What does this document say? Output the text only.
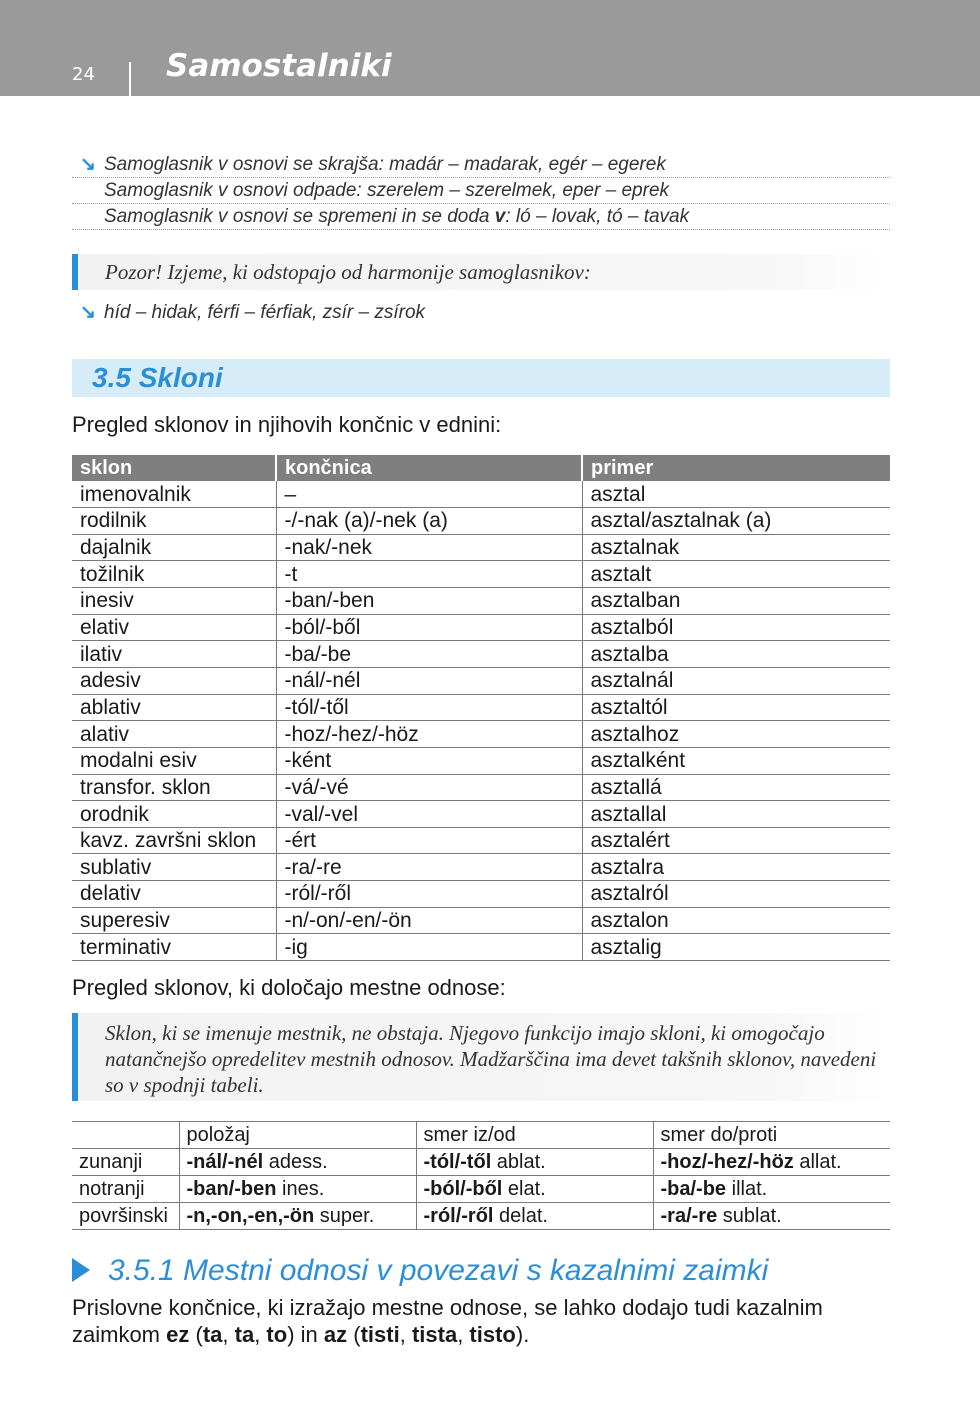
24 Samostalniki
↘ Samoglasnik v osnovi se skrajša: madár – madarak, egér – egerek
Samoglasnik v osnovi odpade: szerelem – szerelmek, eper – eprek
Samoglasnik v osnovi se spremeni in se doda v: ló – lovak, tó – tavak
Pozor! Izjeme, ki odstopajo od harmonije samoglasnikov:
↘ híd – hidak, férfi – férfiak, zsír – zsírok
3.5 Skloni
Pregled sklonov in njihovih končnic v ednini:
sklon	končnica	primer
imenovalnik	–	asztal
rodilnik	-/-nak (a)/-nek (a)	asztal/asztalnak (a)
dajalnik	-nak/-nek	asztalnak
tožilnik	-t	asztalt
inesiv	-ban/-ben	asztalban
elativ	-ból/-ből	asztalból
ilativ	-ba/-be	asztalba
adesiv	-nál/-nél	asztalnál
ablativ	-tól/-től	asztaltól
alativ	-hoz/-hez/-höz	asztalhoz
modalni esiv	-ként	asztalként
transfor. sklon	-vá/-vé	asztallá
orodnik	-val/-vel	asztallal
kavz. završni sklon	-ért	asztalért
sublativ	-ra/-re	asztalra
delativ	-ról/-ről	asztalról
superesiv	-n/-on/-en/-ön	asztalon
terminativ	-ig	asztalig
Pregled sklonov, ki določajo mestne odnose:
Sklon, ki se imenuje mestnik, ne obstaja. Njegovo funkcijo imajo skloni, ki omogočajo natančnejšo opredelitev mestnih odnosov. Madžarščina ima devet takšnih sklonov, navedeni so v spodnji tabeli.
	položaj	smer iz/od	smer do/proti
zunanji	-nál/-nél adess.	-tól/-től ablat.	-hoz/-hez/-höz allat.
notranji	-ban/-ben ines.	-ból/-ből elat.	-ba/-be illat.
površinski	-n,-on,-en,-ön super.	-ról/-ről delat.	-ra/-re sublat.
3.5.1 Mestni odnosi v povezavi s kazalnimi zaimki
Prislovne končnice, ki izražajo mestne odnose, se lahko dodajo tudi kazalnim zaimkom ez (ta, ta, to) in az (tisti, tista, tisto).
